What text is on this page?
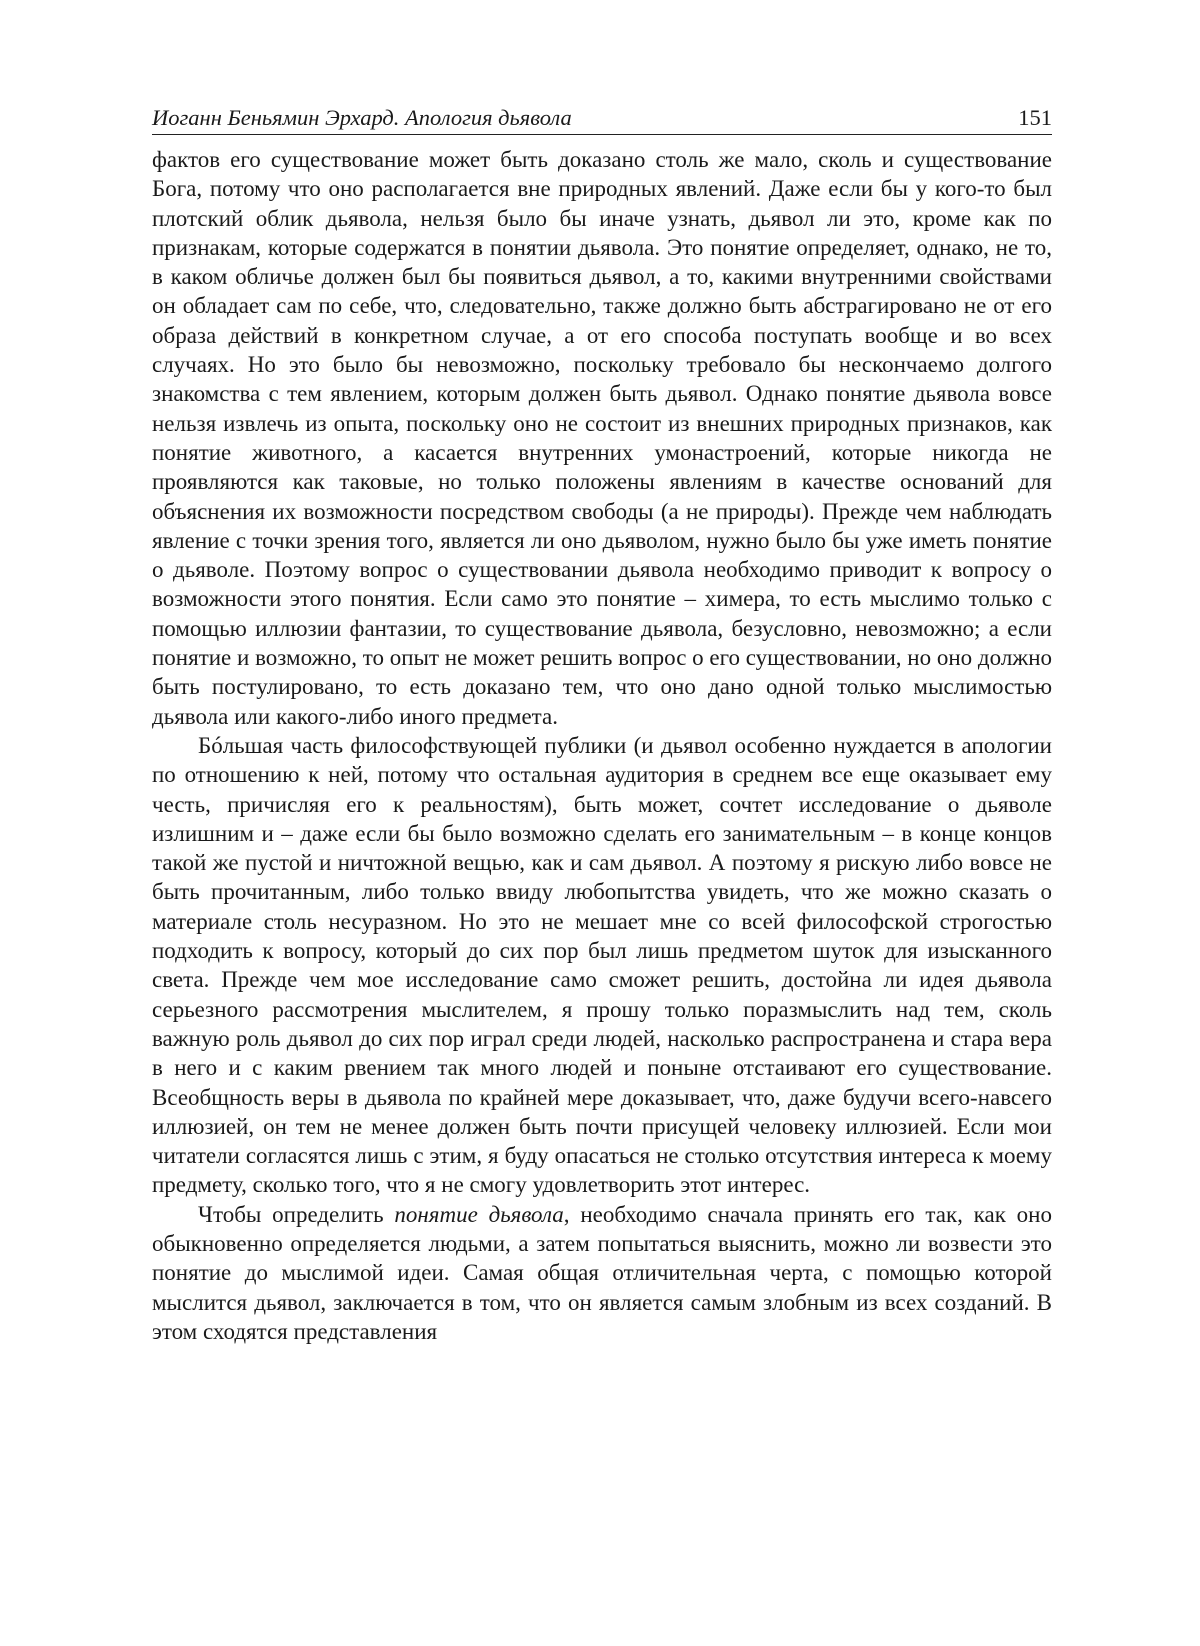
Иоганн Беньямин Эрхард. Апология дьявола	151

фактов его существование может быть доказано столь же мало, сколь и существование Бога, потому что оно располагается вне природных явлений. Даже если бы у кого-то был плотский облик дьявола, нельзя было бы иначе узнать, дьявол ли это, кроме как по признакам, которые содержатся в понятии дьявола. Это понятие определяет, однако, не то, в каком обличье должен был бы появиться дьявол, а то, какими внутренними свойствами он обладает сам по себе, что, следовательно, также должно быть абстрагировано не от его образа действий в конкретном случае, а от его способа поступать вообще и во всех случаях. Но это было бы невозможно, поскольку требовало бы нескончаемо долгого знакомства с тем явлением, которым должен быть дьявол. Однако понятие дьявола вовсе нельзя извлечь из опыта, поскольку оно не состоит из внешних природных признаков, как понятие животного, а касается внутренних умонастроений, которые никогда не проявляются как таковые, но только положены явлениям в качестве оснований для объяснения их возможности посредством свободы (а не природы). Прежде чем наблюдать явление с точки зрения того, является ли оно дьяволом, нужно было бы уже иметь понятие о дьяволе. Поэтому вопрос о существовании дьявола необходимо приводит к вопросу о возможности этого понятия. Если само это понятие – химера, то есть мыслимо только с помощью иллюзии фантазии, то существование дьявола, безусловно, невозможно; а если понятие и возможно, то опыт не может решить вопрос о его существовании, но оно должно быть постулировано, то есть доказано тем, что оно дано одной только мыслимостью дьявола или какого-либо иного предмета.

Бóльшая часть философствующей публики (и дьявол особенно нуждается в апологии по отношению к ней, потому что остальная аудитория в среднем все еще оказывает ему честь, причисляя его к реальностям), быть может, сочтет исследование о дьяволе излишним и – даже если бы было возможно сделать его занимательным – в конце концов такой же пустой и ничтожной вещью, как и сам дьявол. А поэтому я рискую либо вовсе не быть прочитанным, либо только ввиду любопытства увидеть, что же можно сказать о материале столь несуразном. Но это не мешает мне со всей философской строгостью подходить к вопросу, который до сих пор был лишь предметом шуток для изысканного света. Прежде чем мое исследование само сможет решить, достойна ли идея дьявола серьезного рассмотрения мыслителем, я прошу только поразмыслить над тем, сколь важную роль дьявол до сих пор играл среди людей, насколько распространена и стара вера в него и с каким рвением так много людей и поныне отстаивают его существование. Всеобщность веры в дьявола по крайней мере доказывает, что, даже будучи всего-навсего иллюзией, он тем не менее должен быть почти присущей человеку иллюзией. Если мои читатели согласятся лишь с этим, я буду опасаться не столько отсутствия интереса к моему предмету, сколько того, что я не смогу удовлетворить этот интерес.

Чтобы определить понятие дьявола, необходимо сначала принять его так, как оно обыкновенно определяется людьми, а затем попытаться выяснить, можно ли возвести это понятие до мыслимой идеи. Самая общая отличительная черта, с помощью которой мыслится дьявол, заключается в том, что он является самым злобным из всех созданий. В этом сходятся представления
